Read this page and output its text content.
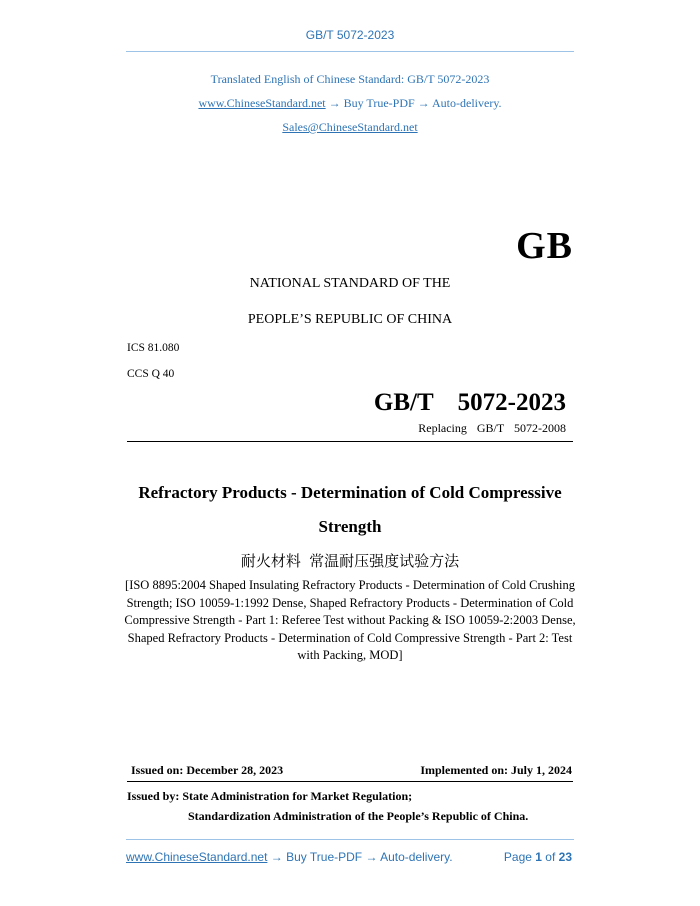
GB/T 5072-2023
Translated English of Chinese Standard: GB/T 5072-2023
www.ChineseStandard.net → Buy True-PDF → Auto-delivery.
Sales@ChineseStandard.net
GB
NATIONAL STANDARD OF THE
PEOPLE’S REPUBLIC OF CHINA
ICS 81.080
CCS Q 40
GB/T  5072-2023
Replacing  GB/T  5072-2008
Refractory Products - Determination of Cold Compressive
Strength
耐火材料  常温耐压强度试验方法
[ISO 8895:2004 Shaped Insulating Refractory Products - Determination of Cold Crushing Strength; ISO 10059-1:1992 Dense, Shaped Refractory Products - Determination of Cold Compressive Strength - Part 1: Referee Test without Packing & ISO 10059-2:2003 Dense, Shaped Refractory Products - Determination of Cold Compressive Strength - Part 2: Test with Packing, MOD]
Issued on: December 28, 2023	Implemented on: July 1, 2024
Issued by: State Administration for Market Regulation;
Standardization Administration of the People’s Republic of China.
www.ChineseStandard.net → Buy True-PDF → Auto-delivery.	Page 1 of 23
